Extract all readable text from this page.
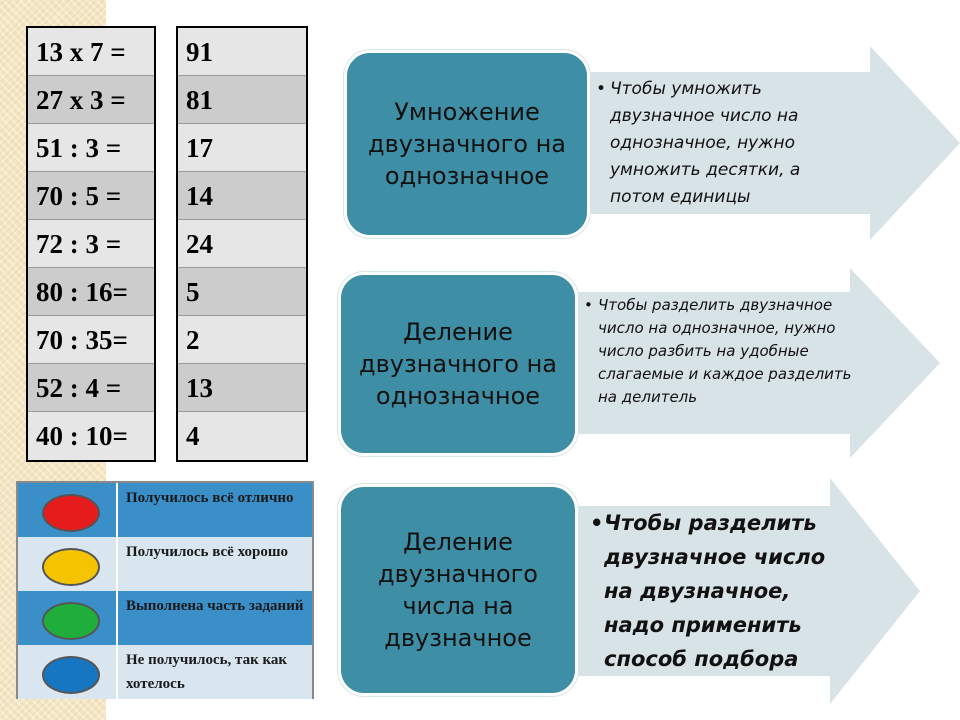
13 х 7 =
27 х 3 =
51 : 3 =
70 : 5 =
72 : 3 =
80 : 16=
70 : 35=
52 : 4 =
40 : 10=
91
81
17
14
24
5
2
13
4
Получилось всё отлично
Получилось всё хорошо
Выполнена часть заданий
Не получилось, так как хотелось
Умножение двузначного на однозначное
• Чтобы умножить двузначное число на однозначное, нужно умножить десятки, а потом единицы
Деление двузначного на однозначное
• Чтобы разделить двузначное число на однозначное, нужно число разбить на удобные слагаемые и каждое разделить на делитель
Деление двузначного числа на двузначное
• Чтобы разделить двузначное число на двузначное, надо применить способ подбора
